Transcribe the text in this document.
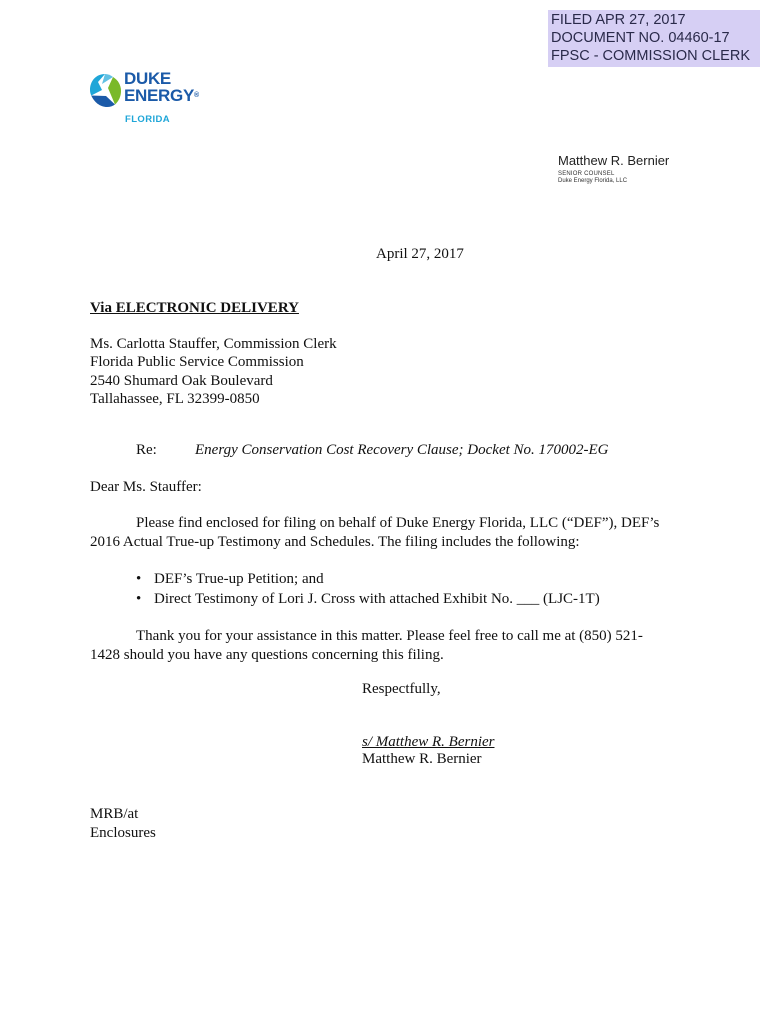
FILED APR 27, 2017
DOCUMENT NO. 04460-17
FPSC - COMMISSION CLERK
DUKE
ENERGY®
FLORIDA
Matthew R. Bernier
SENIOR COUNSEL
Duke Energy Florida, LLC
April 27, 2017
Via ELECTRONIC DELIVERY
Ms. Carlotta Stauffer, Commission Clerk
Florida Public Service Commission
2540 Shumard Oak Boulevard
Tallahassee, FL 32399-0850
Re:	Energy Conservation Cost Recovery Clause; Docket No. 170002-EG
Dear Ms. Stauffer:

Please find enclosed for filing on behalf of Duke Energy Florida, LLC (“DEF”), DEF’s 2016 Actual True-up Testimony and Schedules. The filing includes the following:

• DEF’s True-up Petition; and
• Direct Testimony of Lori J. Cross with attached Exhibit No. ___ (LJC-1T)

Thank you for your assistance in this matter. Please feel free to call me at (850) 521-1428 should you have any questions concerning this filing.

Respectfully,
s/ Matthew R. Bernier
Matthew R. Bernier
MRB/at
Enclosures
